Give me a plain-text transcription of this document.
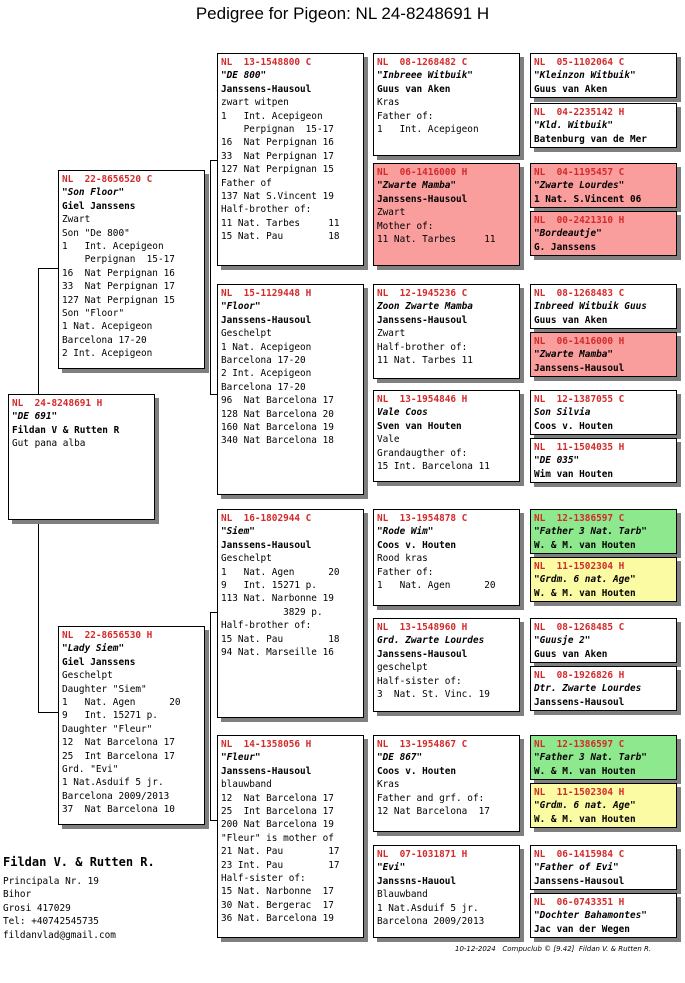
Pedigree for Pigeon: NL 24-8248691 H
NL  24-8248691 H
"DE 691"
Fildan V & Rutten R
Gut pana alba
NL  22-8656520 C
"Son Floor"
Giel Janssens
Zwart
Son "De 800"
1   Int. Acepigeon
Perpignan  15-17
16  Nat Perpignan 16
33  Nat Perpignan 17
127 Nat Perpignan 15
Son "Floor"
1 Nat. Acepigeon
Barcelona 17-20
2 Int. Acepigeon
NL  22-8656530 H
"Lady Siem"
Giel Janssens
Geschelpt
Daughter "Siem"
1   Nat. Agen      20
9   Int. 15271 p.
Daughter "Fleur"
12  Nat Barcelona 17
25  Int Barcelona 17
Grd. "Evi"
1 Nat.Asduif 5 jr.
Barcelona 2009/2013
37  Nat Barcelona 10
NL  13-1548800 C
"DE 800"
Janssens-Hausoul
zwart witpen
1   Int. Acepigeon
Perpignan  15-17
16  Nat Perpignan 16
33  Nat Perpignan 17
127 Nat Perpignan 15
Father of
137 Nat S.Vincent 19
Half-brother of:
11 Nat. Tarbes     11
15 Nat. Pau        18
NL  15-1129448 H
"Floor"
Janssens-Hausoul
Geschelpt
1 Nat. Acepigeon
Barcelona 17-20
2 Int. Acepigeon
Barcelona 17-20
96  Nat Barcelona 17
128 Nat Barcelona 20
160 Nat Barcelona 19
340 Nat Barcelona 18
NL  16-1802944 C
"Siem"
Janssens-Hausoul
Geschelpt
1   Nat. Agen      20
9   Int. 15271 p.
113 Nat. Narbonne 19
3829 p.
Half-brother of:
15 Nat. Pau        18
94 Nat. Marseille 16
NL  14-1358056 H
"Fleur"
Janssens-Hausoul
blauwband
12  Nat Barcelona 17
25  Int Barcelona 17
200 Nat Barcelona 19
"Fleur" is mother of
21 Nat. Pau        17
23 Int. Pau        17
Half-sister of:
15 Nat. Narbonne  17
30 Nat. Bergerac  17
36 Nat. Barcelona 19
NL  08-1268482 C
"Inbreee Witbuik"
Guus van Aken
Kras
Father of:
1   Int. Acepigeon
NL  06-1416000 H
"Zwarte Mamba"
Janssens-Hausoul
Zwart
Mother of:
11 Nat. Tarbes     11
NL  12-1945236 C
Zoon Zwarte Mamba
Janssens-Hausoul
Zwart
Half-brother of:
11 Nat. Tarbes 11
NL  13-1954846 H
Vale Coos
Sven van Houten
Vale
Grandaugther of:
15 Int. Barcelona 11
NL  13-1954878 C
"Rode Wim"
Coos v. Houten
Rood kras
Father of:
1   Nat. Agen      20
NL  13-1548960 H
Grd. Zwarte Lourdes
Janssens-Hausoul
geschelpt
Half-sister of:
3  Nat. St. Vinc. 19
NL  13-1954867 C
"DE 867"
Coos v. Houten
Kras
Father and grf. of:
12 Nat Barcelona  17
NL  07-1031871 H
"Evi"
Janssns-Hauoul
Blauwband
1 Nat.Asduif 5 jr.
Barcelona 2009/2013
NL  05-1102064 C
"Kleinzon Witbuik"
Guus van Aken
NL  04-2235142 H
"Kld. Witbuik"
Batenburg van de Mer
NL  04-1195457 C
"Zwarte Lourdes"
1 Nat. S.Vincent 06
NL  00-2421310 H
"Bordeautje"
G. Janssens
NL  08-1268483 C
Inbreed Witbuik Guus
Guus van Aken
NL  06-1416000 H
"Zwarte Mamba"
Janssens-Hausoul
NL  12-1387055 C
Son Silvia
Coos v. Houten
NL  11-1504035 H
"DE 035"
Wim van Houten
NL  12-1386597 C
"Father 3 Nat. Tarb"
W. & M. van Houten
NL  11-1502304 H
"Grdm. 6 nat. Age"
W. & M. van Houten
NL  08-1268485 C
"Guusje 2"
Guus van Aken
NL  08-1926826 H
Dtr. Zwarte Lourdes
Janssens-Hausoul
NL  12-1386597 C
"Father 3 Nat. Tarb"
W. & M. van Houten
NL  11-1502304 H
"Grdm. 6 nat. Age"
W. & M. van Houten
NL  06-1415984 C
"Father of Evi"
Janssens-Hausoul
NL  06-0743351 H
"Dochter Bahamontes"
Jac van der Wegen
Fildan V. & Rutten R.
Principala Nr. 19
Bihor
Grosi 417029
Tel: +40742545735
fildanvlad@gmail.com
10-12-2024   Compuclub © [9.42]  Fildan V. & Rutten R.
